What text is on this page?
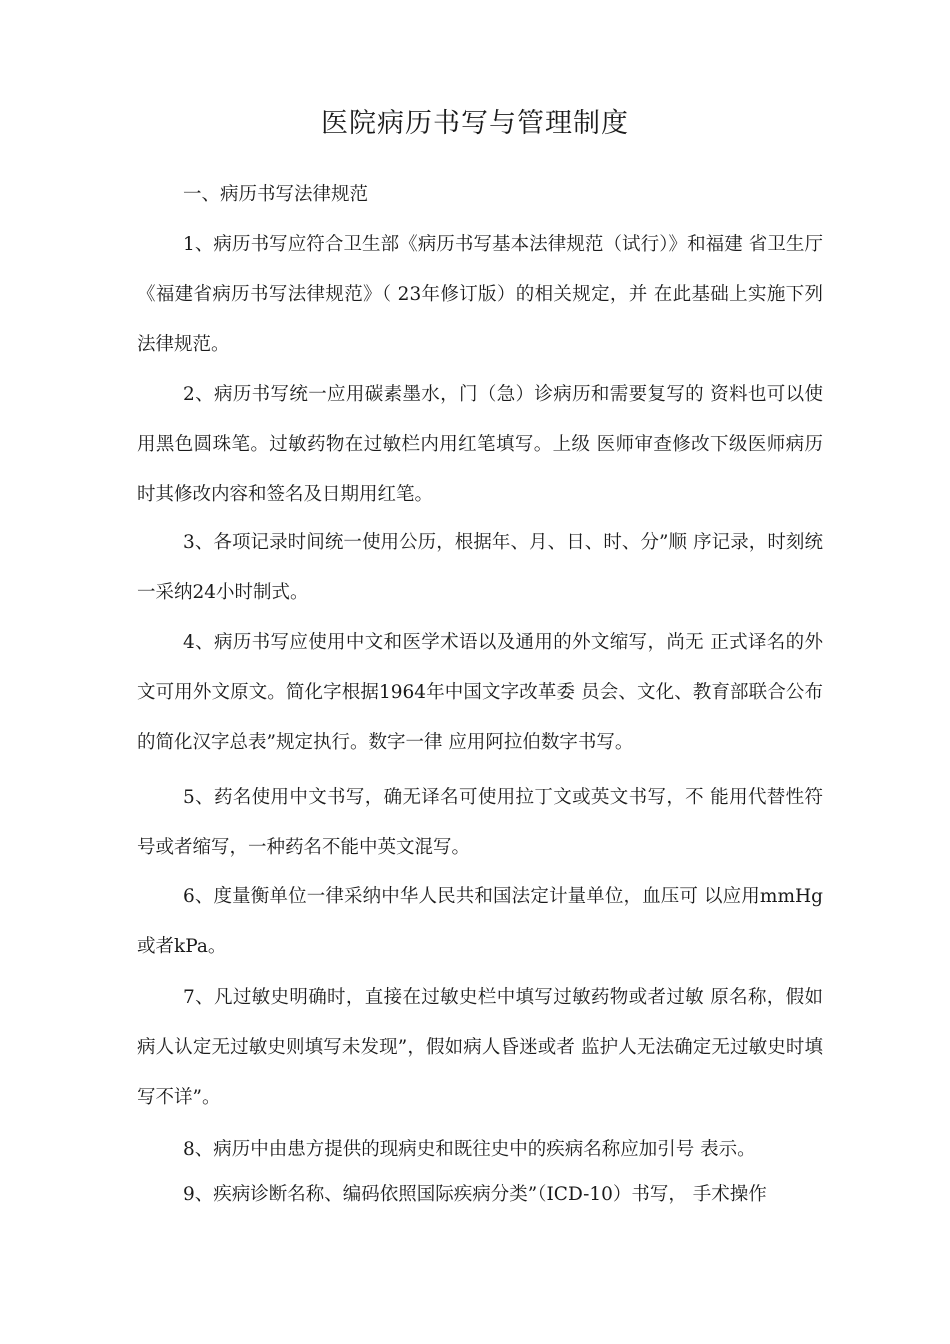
医院病历书写与管理制度

一、病历书写法律规范

1、病历书写应符合卫生部《病历书写基本法律规范（试行）》和福建 省卫生厅《福建省病历书写法律规范》（ 23年修订版）的相关规定，并 在此基础上实施下列法律规范。

2、病历书写统一应用碳素墨水，门（急）诊病历和需要复写的 资料也可以使用黑色圆珠笔。过敏药物在过敏栏内用红笔填写。上级 医师审查修改下级医师病历时其修改内容和签名及日期用红笔。

3、各项记录时间统一使用公历，根据年、月、日、时、分”顺 序记录，时刻统一采纳24小时制式。

4、病历书写应使用中文和医学术语以及通用的外文缩写，尚无 正式译名的外文可用外文原文。简化字根据1964年中国文字改革委 员会、文化、教育部联合公布的简化汉字总表”规定执行。数字一律 应用阿拉伯数字书写。

5、药名使用中文书写，确无译名可使用拉丁文或英文书写，不 能用代替性符号或者缩写，一种药名不能中英文混写。

6、度量衡单位一律采纳中华人民共和国法定计量单位，血压可 以应用mmHg或者kPa。

7、凡过敏史明确时，直接在过敏史栏中填写过敏药物或者过敏 原名称，假如病人认定无过敏史则填写未发现”，假如病人昏迷或者 监护人无法确定无过敏史时填写不详”。

8、病历中由患方提供的现病史和既往史中的疾病名称应加引号 表示。

9、疾病诊断名称、编码依照国际疾病分类”（ICD-10）书写， 手术操作
